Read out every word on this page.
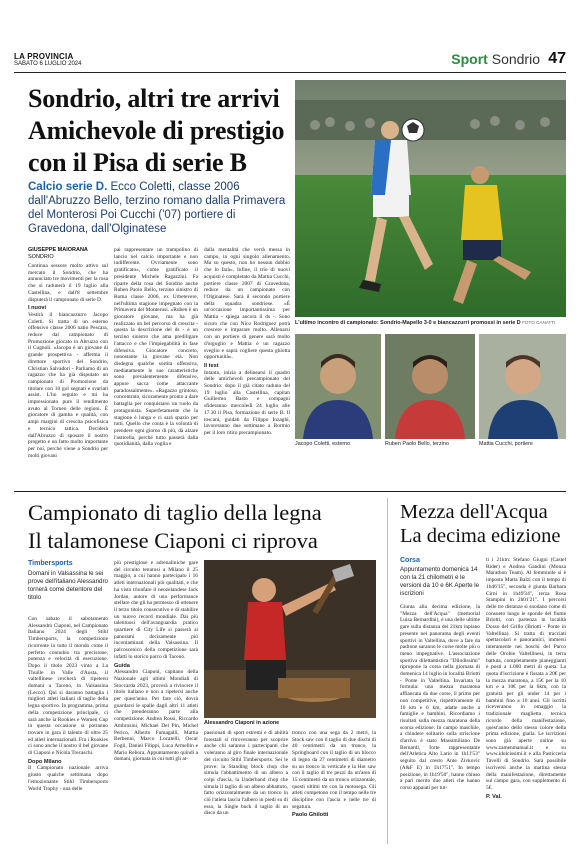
LA PROVINCIA
SABATO 6 LUGLIO 2024	Sport Sondrio 47
Sondrio, altri tre arrivi
Amichevole di prestigio
con il Pisa di serie B
Calcio serie D. Ecco Coletti, classe 2006 dall'Abruzzo Bello, terzino romano dalla Primavera del Monterosi Poi Cucchi ('07) portiere di Gravedona, dall'Olginatese
GIUSEPPE MAIORANA
SONDRIO
Continua sessore molto attivo sul mercato il Sondrio, che ha annunciato tre movimenti per la rosa che si radunerà il 19 luglio alla Castellina, e dall'8 settembre disputerà il campionato di serie D.
I nuovi
Vestirà il biancazzurro Jacopo Coletti. Si tratta di un esterno offensivo classe 2006 natio Pescara, reduce dal campionato di Promozione giocato in Abruzzo con il Cugnoli. «Jacopo è un giovane di grande prospettiva - afferma il direttore sportivo del Sondrio, Christian Salvadori - Parliamo di un ragazzo che ha già disputato un campionato di Promozione da titolare con 10 gol segnati e svariati assist. L'ho seguito e mi ha impressionato pure il rendimento avuto al Torneo delle regioni. È giocatore di gamba e qualità, con ampi margini di crescita psicofisica e tecnico tattica. Deciderà dall'Abruzzo di sposare il nostro progetto e un fatto molto importante per noi, perché viene a Sondrio per molti giovani
pai rappresentare un trampolino di lancio nel calcio importante e non indifferente. Ovviamente sono gratificato», come gratificato il presidente Michele Ragazzini. Fa riparte della rosa del Sondrio anche Ruben Paolo Bello, terzino sinistro di Roma classe 2006, ex Urbetevere, nell'ultima stagione impegnato con la Primavera del Monterosi. «Ruben è un giocatore giovane, ma ha già realizzato un bel percorso di crescita - questa la descrizione del ds - è un terzino sinistro che ama prediligare l'attacco e che l'impiegabilità in fase difensiva. Giocatore concreto, nonostante la giovane età. Non disdegna qualche sortita offensiva, mediatamente le sue caratteristiche sono prevalentemente difensive, appure sacca come attaccante paradossalmente». «Ragazzo grintoso, concentrato, sicuramente pronto a dare battaglia per conquistarsi un ruolo da protagonista. Superfetamente che la stagione è lunga e ci sarà spazio per tutti. Quello che conta è la volontà di prendere ogni giorno di più, dà alzare l'asticella, perché tutto passerà dalla quotidianità, dalla voglia e
dalla mentalità che verrà messa in campo, in ogni singolo allenamento. Ma su questo, non ho nessun dubbio che lo farà». Infine, il trio di nuovi acquisti è completato da Mattia Cucchi, portiere classe 2007 di Gravedona, reduce da un campionato con l'Olginatese. Sarà il secondo portiere della squadra sondriese. «È un'occasione importantissima per Mattia - spiega ancora il ds -. Sono sicuro che con Nico Rodriguez potrà crescere e imparare molto. Allenarsi con un portiere di genere sarà molto d'orgoglio e Mattia è un ragazzo sveglio e saprà cogliere questa ghiotta opportunità».
Il test
Intanto, inizia a delinearsi il quadro delle amichevoli precampionato del Sondrio: dopo il già citato raduno del 19 luglio alla Castellina, capitan Guillermo Basto e compagni sfideranno mercoledì 24 luglio alle 17.30 il Pisa, formazione di serie B. Il toscani, guidati da Filippo Inzaghi, lavoreranno due settimane a Bormio per il loro ritiro precampionato.
L'ultimo incontro di campionato: Sondrio-Mapello 3-0 e biancazzurri promossi in serie D FOTO CANATTI
Jacopo Coletti, esterno	Ruben Paolo Bello, terzino	Mattia Cucchi, portiere
Campionato di taglio della legna
Il talamonese Ciaponi ci riprova
Timbersports
Domani in Valsassina le sei prove dell'italiano Alessandro tornerà come detentore del titolo
Con sabato il sabotamento Alessandro Ciaponi, nel Campionato Italiano 2024 degli Stihl Timbersports, la competizione ricorrente in tutto il mondo come il perfetto connubio tra precisione, potenza e velocità di esecuzione. Dopo il titolo 2023 vinto a La Thuille in Valle d'Aosta, il valtellinese cercherà di ripetersi domani a Taceno, in Valsassina (Lecco). Qui si daranno battaglia i migliori atleti italiani di taglio della legna sportivo. In programma, prima della competizione principale, ci sarà anche la Rookies e Women Cup in questa occasione si potranno trovare in gara il talento di oltre 25 ed atleti internazionali. Fra i Rookies ci sono anche il nostro il bel giovane di Ciaponi e Nicola Trecaschi.
Dopo Milano
Il Campionato nazionale arriva giusto qualche settimana dopo l'emozionante Stihl Timbersports World Trophy - una delle
più prestigiose e adrenaliniche gare del circuito tenutosi a Milano il 25 maggio, a cui hanno partecipato i 16 atleti internazionali più qualitati, e che ha visto trionfare il neozelandese Jack Jordan, autore di una performance stellare che gli ha permesso di ottenere il terzo titolo consecutivo e di stabilire un nuovo record mondiale. Dai più talentuosi dell'avanguardia pratico quartiere di City Life si passerà ai panorami decisamente più incontaminati della Valsassina. Il palcoscenico della competizione sarà infatti lo storico parco di Taceno.
Guida
Alessandro Ciaponi, capitano della Nazionale agli ultimi Mondiali di Stoccarda 2023, proverà a rivincere il titolo italiano e non a ripetersi anche per quest'anno. Per fare ciò, dovrà guardarsi le spalle dagli altri 11 atleti che prenderanno parte alla competizione: Andrea Rossi, Riccardo Ambrosini, Michael Del Pin, Michel Perico, Alberto Fumagalli, Mattia Berbenni, Marco Locatelli, Oscar Fogli, Daniel Filippi, Luca Armellin e Mario Rebora. Appuntamento quindi a domani, giornata in cui tutti gli at-
Alessandro Ciaponi in azione
passionati di sport estremi e di abilità forestali si ritroveranno per scoprire anche chi saranno i partecipanti che voleranno al giro finale internazionale del circuito Stihl Timbersports. Sei le prove: la Standing block chop che simula l'abbattimento di un albero a colpi d'ascia, la Underhand chop che simula il taglio di un albero abbattuto, fatto orizzontalmente da un tronco in ciò l'atleta lascia l'albero in piedi su di esso, la Single buck il taglio di un disco da un
tronco con una sega da 2 metri, la Stock saw con il taglio di due dischi di 40 centimetri da un tronco, la Springboard con il taglio di un blocco di legno da 27 centimetri di diametro su un tronco in verticale e la Hot saw con il taglio di tre pezzi da un'area di 15 centimetri da un tronco orizzontale, questi ultimi tre con la motosega. Gli atleti competono con il tempo nelle tre discipline con l'ascia e nelle tre di segatura.
Paolo Ghilotti
Mezza dell'Acqua
La decima edizione
Corsa
Appuntamento domenica 14 con la 21 chilometri e le versioni da 10 e 6K Aperte le iscrizioni
Giunta alla decima edizione, la "Mezza dell'Acqua" (memorial Luisa Bernardini), è una delle ultime gare sulla distanza dei 21km inpiano presente nel panorama degli eventi sportivi in Valtellina, dove a fare da padrone saranno le corse molte più o meno impegnative. L'associazione sportiva dilettantistica "Dilodissimi" ripropone la corsa nella giornata di domenica 14 luglio in località Briotti - Ponte in Valtellina. Invariata la formula: una mezza maratona affiancata da due corse, il primo per non competitive, rispettivamente di 10 km e 6 km, adatte anche a famiglie e bambini. Ricordiamo i risultati sulla mezza maratona della scorsa edizione. In campo maschile, a chiudere solitario sulla striscione d'arrivo è stato Massimiliano De Bernardi, forte rappresentante dell'Atletica Alto Lario in 1h11'53" seguito dal cresto Ante Zivkovic (A&F E) in 1h17'51". In tempo posizione, in 1h19'50", hanno chiuso a pari merito due atleti che hanno corso appaiati per tut-
ti i 21km: Stefano Giugni (Castel Rider) e Andrea Gandini (Monza Marathon Team). Al femminile si è imposta Marta Balzi con il tempo di 1h46'15", seconda è giunta Barbara Cirni in 1h49'34", terza Rosa Stampini in 2h01'21". I percorsi delle tre distanze si snodano come di consueto lungo le sponde del fiume Briotti, con partenza in località Dosso del Grillo (Briotti - Ponte in Valtellina). Si tratta di tracciati spettacolari e panoramici, immersi interamente nei boschi del Parco delle Orobie Valtellinesi, in terra battuta, completamente pianeggianti e posti a 1.000 metri di quota. La quota d'iscrizione è fissata a 20€ per la mezza maratona, a 15€ per la 10 km e a 10€ per la 6km, con la gratuità per gli under 14 per i bambini fino a 10 anni. Gli iscritti riceveranno in omaggio la tradizionale maglietta tecnica ricordo della manifestazione, quest'anno dello stesso colore della prima edizione, gialla. Le iscrizioni sono già aperte online su www.zamenmanual.it e su www.idolcissimi.it e alla Pasticceria Tavelli di Sondrio. Sarà possibile iscriversi anche la mattina stessa della manifestazione, direttamente sul campo gara, con supplemento di 5€.
P. Val.
